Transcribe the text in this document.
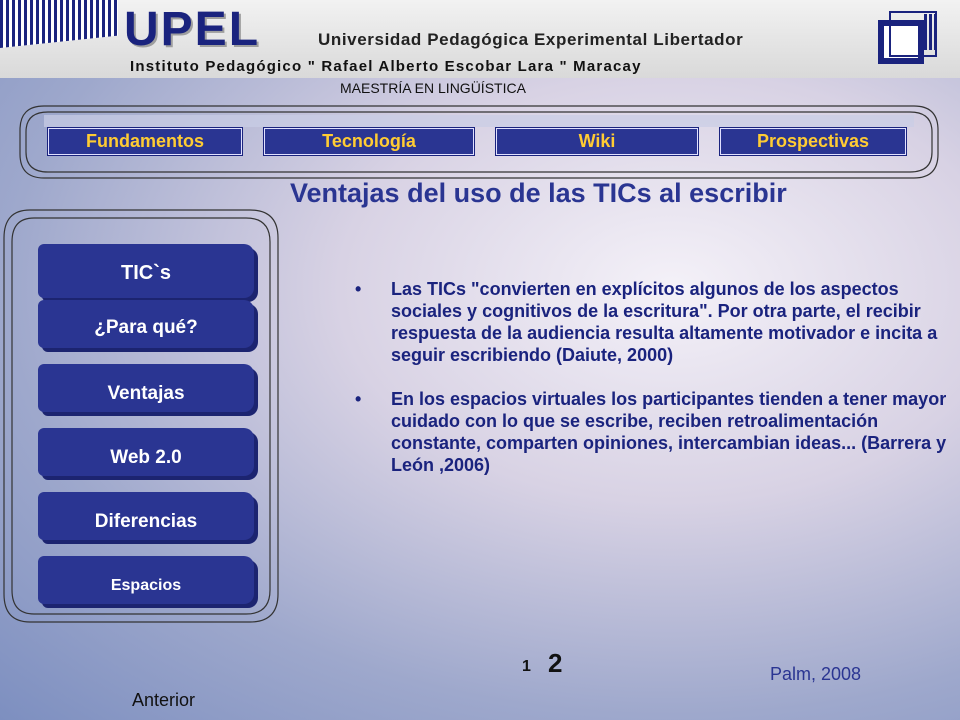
UPEL	Universidad Pedagógica Experimental Libertador
Instituto Pedagógico " Rafael Alberto Escobar Lara " Maracay
MAESTRÍA EN LINGÜÍSTICA
Fundamentos	Tecnología	Wiki	Prospectivas
Ventajas del uso de las TICs al escribir
TIC`s
¿Para qué?
Ventajas
Web 2.0
Diferencias
Espacios
• Las TICs "convierten en explícitos algunos de los aspectos sociales y cognitivos de la escritura". Por otra parte, el recibir respuesta de la audiencia resulta altamente motivador e incita a seguir escribiendo (Daiute, 2000)
• En los espacios virtuales los participantes tienden a tener mayor cuidado con lo que se escribe, reciben retroalimentación constante, comparten opiniones, intercambian ideas... (Barrera y León ,2006)
1 2	Palm, 2008
Anterior
